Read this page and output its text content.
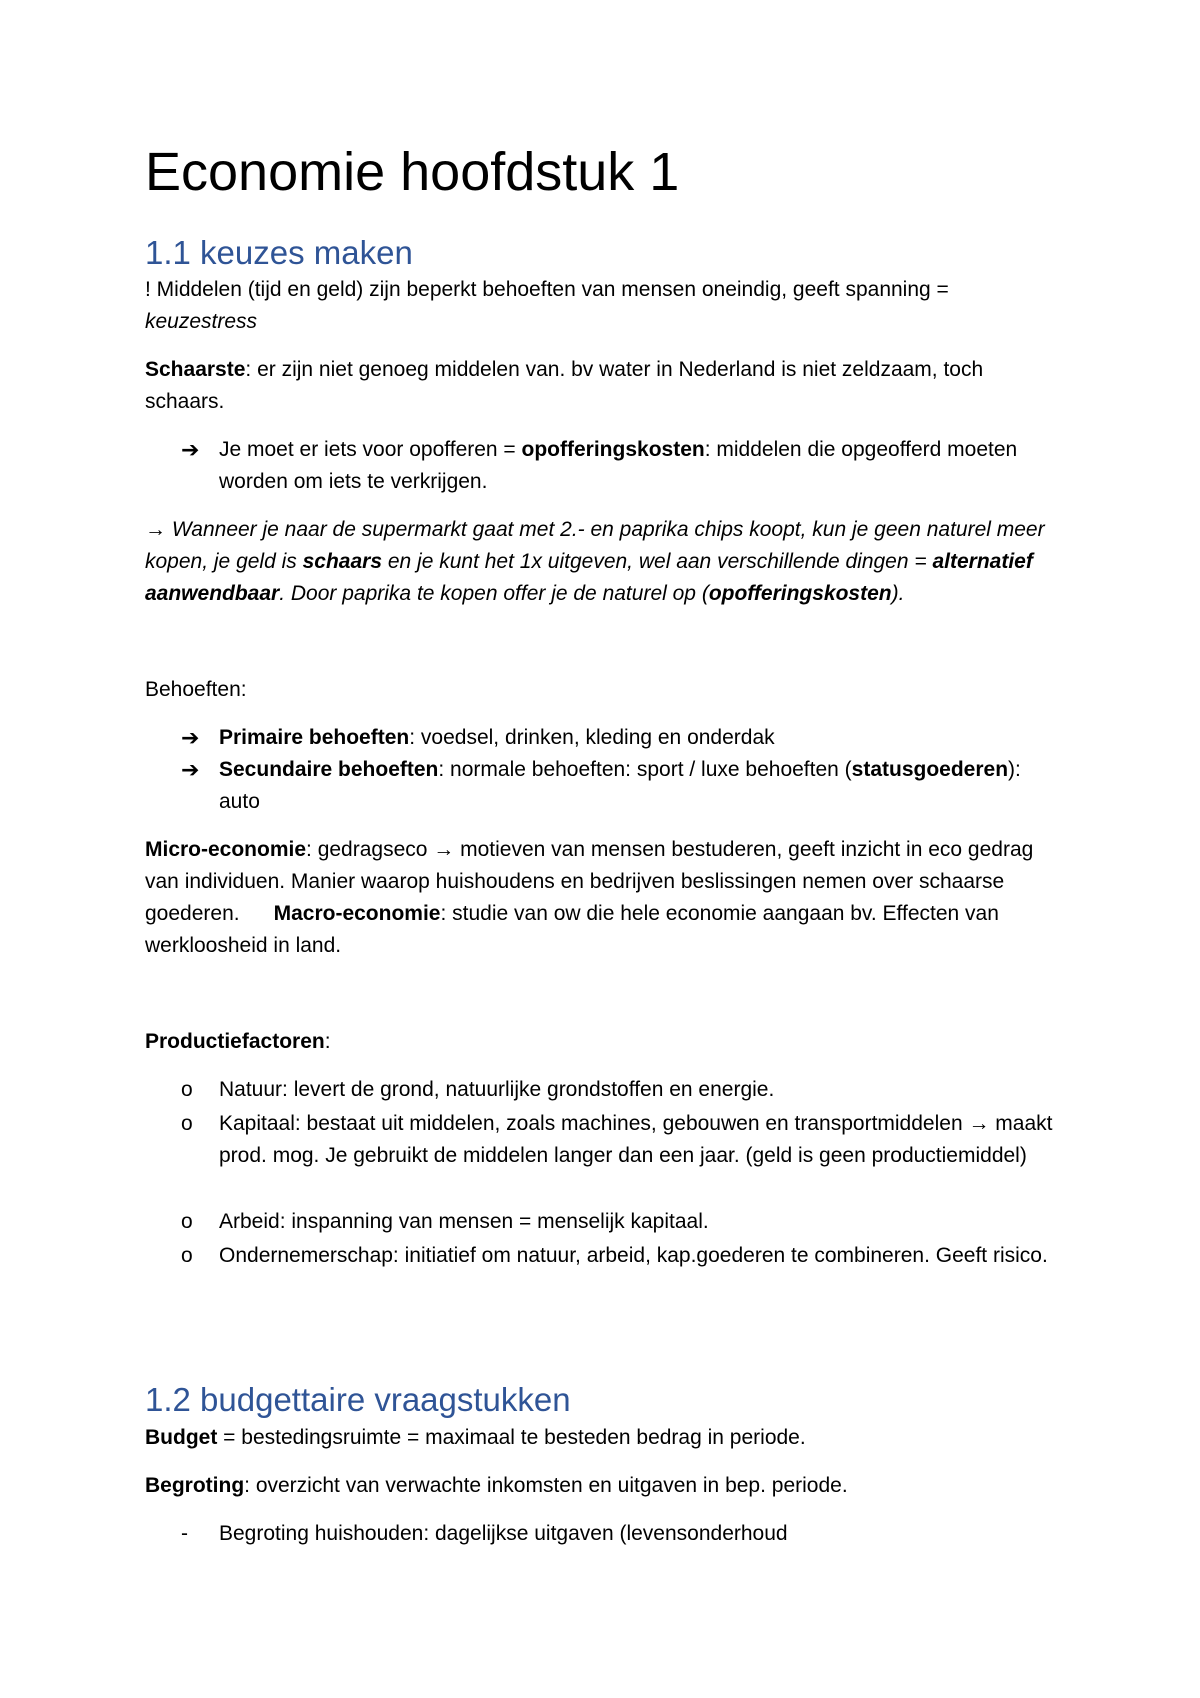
Economie hoofdstuk 1
1.1 keuzes maken
! Middelen (tijd en geld) zijn beperkt behoeften van mensen oneindig, geeft spanning =
keuzestress
Schaarste: er zijn niet genoeg middelen van. bv water in Nederland is niet zeldzaam, toch schaars.
➔ Je moet er iets voor opofferen = opofferingskosten: middelen die opgeofferd moeten worden om iets te verkrijgen.
→ Wanneer je naar de supermarkt gaat met 2.- en paprika chips koopt, kun je geen naturel meer kopen, je geld is schaars en je kunt het 1x uitgeven, wel aan verschillende dingen = alternatief aanwendbaar. Door paprika te kopen offer je de naturel op (opofferingskosten).
Behoeften:
➔ Primaire behoeften: voedsel, drinken, kleding en onderdak
➔ Secundaire behoeften: normale behoeften: sport / luxe behoeften (statusgoederen): auto
Micro-economie: gedragseco → motieven van mensen bestuderen, geeft inzicht in eco gedrag van individuen. Manier waarop huishoudens en bedrijven beslissingen nemen over schaarse goederen. Macro-economie: studie van ow die hele economie aangaan bv. Effecten van werkloosheid in land.
Productiefactoren:
o Natuur: levert de grond, natuurlijke grondstoffen en energie.
o Kapitaal: bestaat uit middelen, zoals machines, gebouwen en transportmiddelen → maakt prod. mog. Je gebruikt de middelen langer dan een jaar. (geld is geen productiemiddel)
o Arbeid: inspanning van mensen = menselijk kapitaal.
o Ondernemerschap: initiatief om natuur, arbeid, kap.goederen te combineren. Geeft risico.
1.2 budgettaire vraagstukken
Budget = bestedingsruimte = maximaal te besteden bedrag in periode.
Begroting: overzicht van verwachte inkomsten en uitgaven in bep. periode.
- Begroting huishouden: dagelijkse uitgaven (levensonderhoud
